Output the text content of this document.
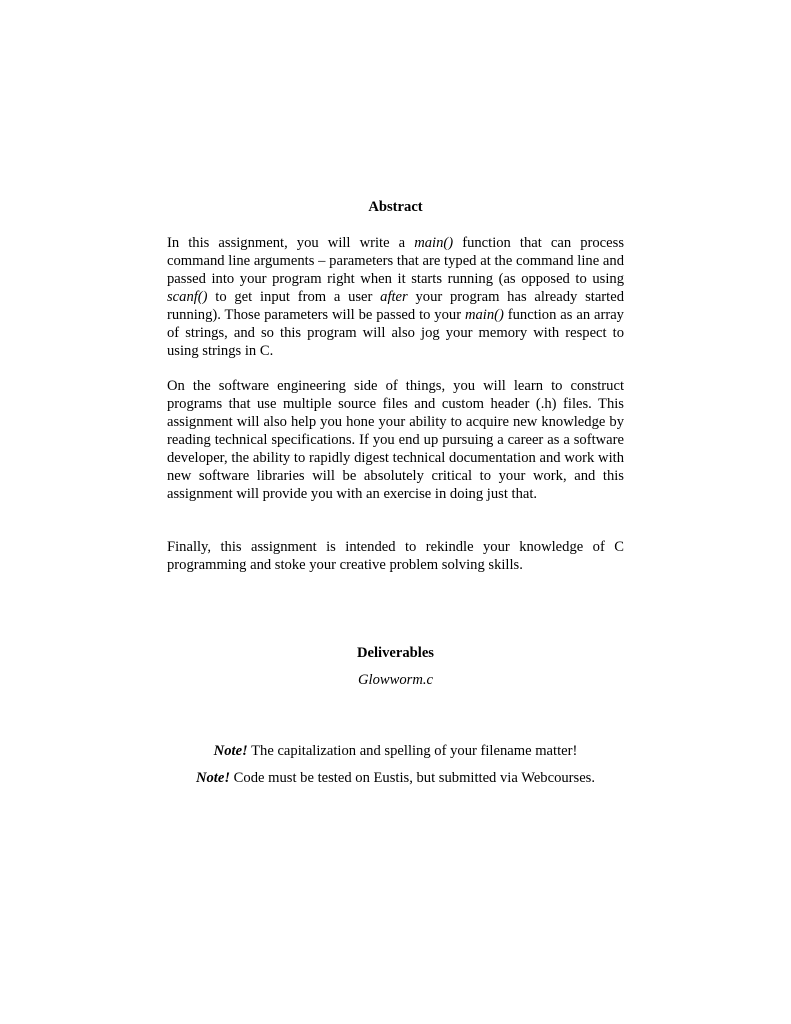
Abstract

In this assignment, you will write a main() function that can process command line arguments – parameters that are typed at the command line and passed into your program right when it starts running (as opposed to using scanf() to get input from a user after your program has already started running). Those parameters will be passed to your main() function as an array of strings, and so this program will also jog your memory with respect to using strings in C.

On the software engineering side of things, you will learn to construct programs that use multiple source files and custom header (.h) files. This assignment will also help you hone your ability to acquire new knowledge by reading technical specifications. If you end up pursuing a career as a software developer, the ability to rapidly digest technical documentation and work with new software libraries will be absolutely critical to your work, and this assignment will provide you with an exercise in doing just that.

Finally, this assignment is intended to rekindle your knowledge of C programming and stoke your creative problem solving skills.

Deliverables
Glowworm.c
Note! The capitalization and spelling of your filename matter!
Note! Code must be tested on Eustis, but submitted via Webcourses.
